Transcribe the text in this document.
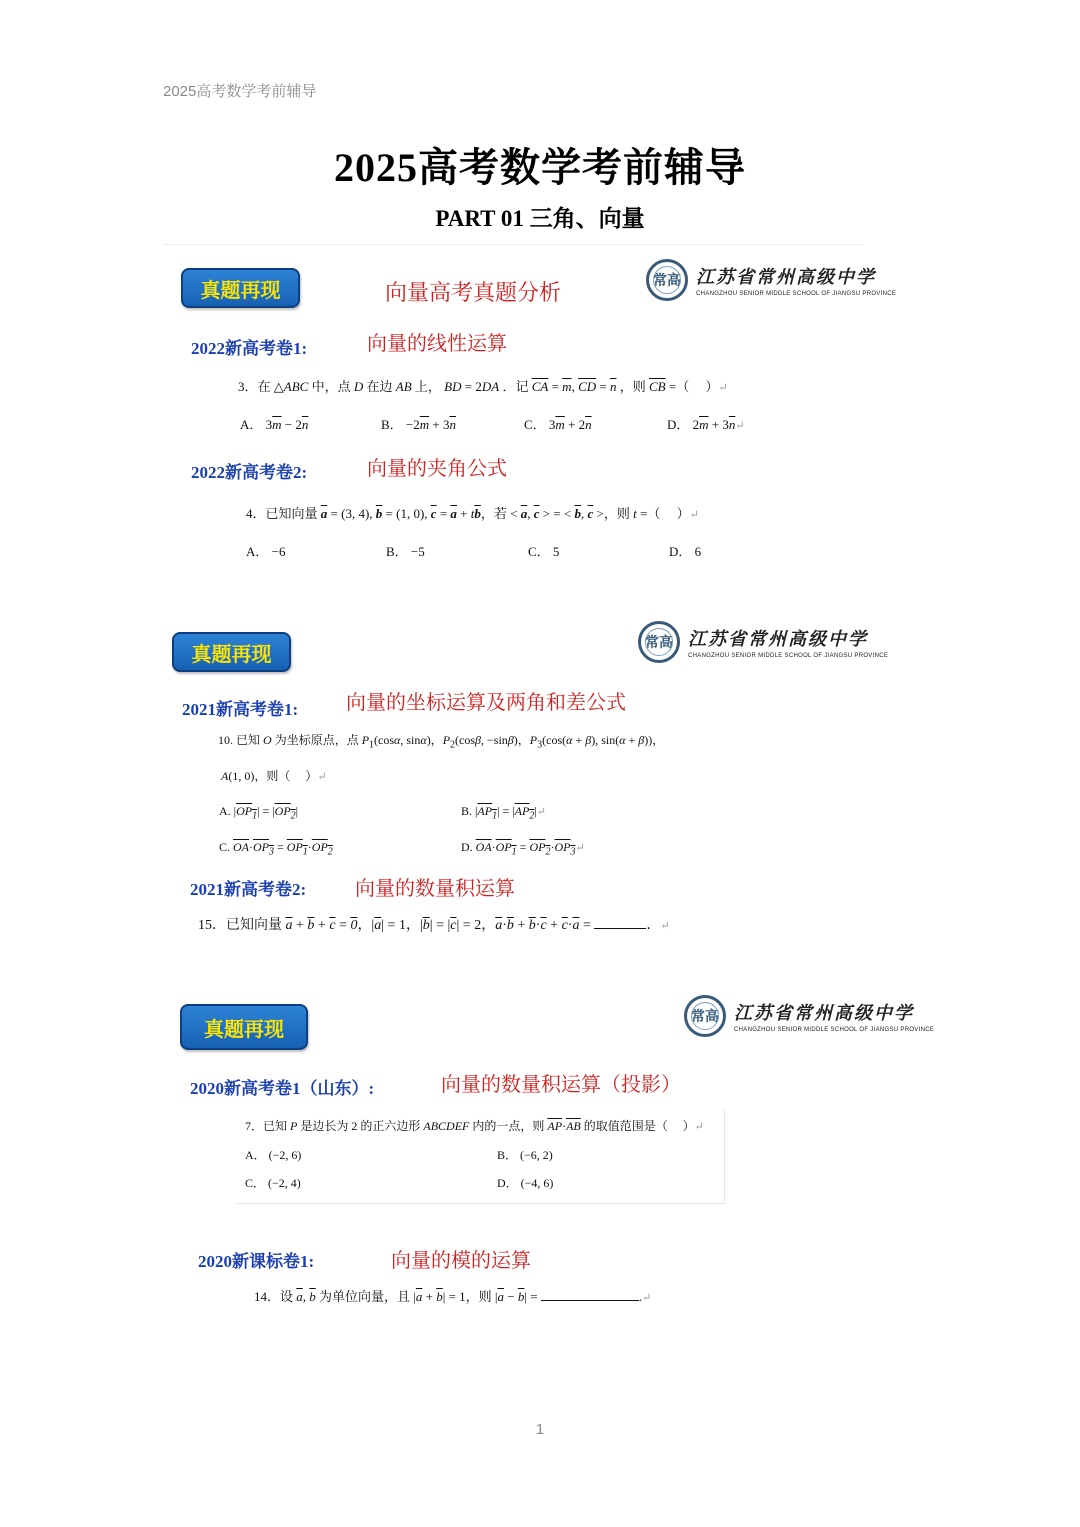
2025高考数学考前辅导
2025高考数学考前辅导
PART 01 三角、向量
真题再现	向量高考真题分析	常高 江苏省常州高级中学
CHANGZHOU SENIOR MIDDLE SCHOOL OF JIANGSU PROVINCE
2022新高考卷1:	向量的线性运算
3．在 △ABC 中，点 D 在边 AB 上， BD = 2DA ．记 $\overline{CA} = \overline{m}$, $\overline{CD} = \overline{n}$ ，则 $\overline{CB}$ =（　 ）↵
A． $3\overline{m} - 2\overline{n}$	B． $-2\overline{m} + 3\overline{n}$	C． $3\overline{m} + 2\overline{n}$	D． $2\overline{m}$ + $3\overline{n}↵$
2022新高考卷2:	向量的夹角公式
4．已知向量 $\overline{a} = (3$, 4), $\overline{b} = (1$, 0), $\overline{c} = \overline{a} + t\overline{b}$，若 < $\overline{a}$, $\overline{c}$ > = < $\overline{b}$, $\overline{c}$ >，则 t =（　 ）↵
A． −6	B． −5	C． 5	D． 6
真题再现	常高 江苏省常州高级中学
CHANGZHOU SENIOR MIDDLE SCHOOL OF JIANGSU PROVINCE
2021新高考卷1: 向量的坐标运算及两角和差公式
10. 已知 O 为坐标原点，点 $P_1(\cos\alpha$, sinα)，$P_2(\cos\beta$, −sinβ)，$P_3(\cos(\alpha + \beta)$, sin(α + β))，
A(1, 0)，则（　 ）↵
A. $|OP_1| = |OP_2|$	B. $|AP_1|$ = $|AP_2|↵$
C. $\overline{OA}\cdot OP_3 = OP_1\cdot OP_2$	D. $\overline{OA}\cdot OP_1$ = $OP_2\cdot OP_3↵$
2021新高考卷2: 向量的数量积运算
15．已知向量 $\overline{a} + \overline{b} + \overline{c} = 0$，$|\overline{a}| = 1$，$|\overline{b}| = |\overline{c}| = 2$，$\overline{a}\cdot\overline{b} + \overline{b}\cdot\overline{c} + \overline{c}\cdot\overline{a}$ =	．↵
真题再现	常高 江苏省常州高级中学
CHANGZHOU SENIOR MIDDLE SCHOOL OF JIANGSU PROVINCE
2020新高考卷1（山东）:	向量的数量积运算（投影）
7．已知 P 是边长为 2 的正六边形 ABCDEF 内的一点，则 $\overline{AP}\cdot\overline{AB}$ 的取值范围是（　 ）↵
A． (−2, 6)	B． (−6, 2)
C． (−2, 4)	D． (−4, 6)
2020新课标卷1:	向量的模的运算
14．设 $\overline{a}$, $\overline{b}$ 为单位向量，且 $|\overline{a} + \overline{b}| = 1$，则 $|\overline{a} - \overline{b}|$ =	.↵
1
